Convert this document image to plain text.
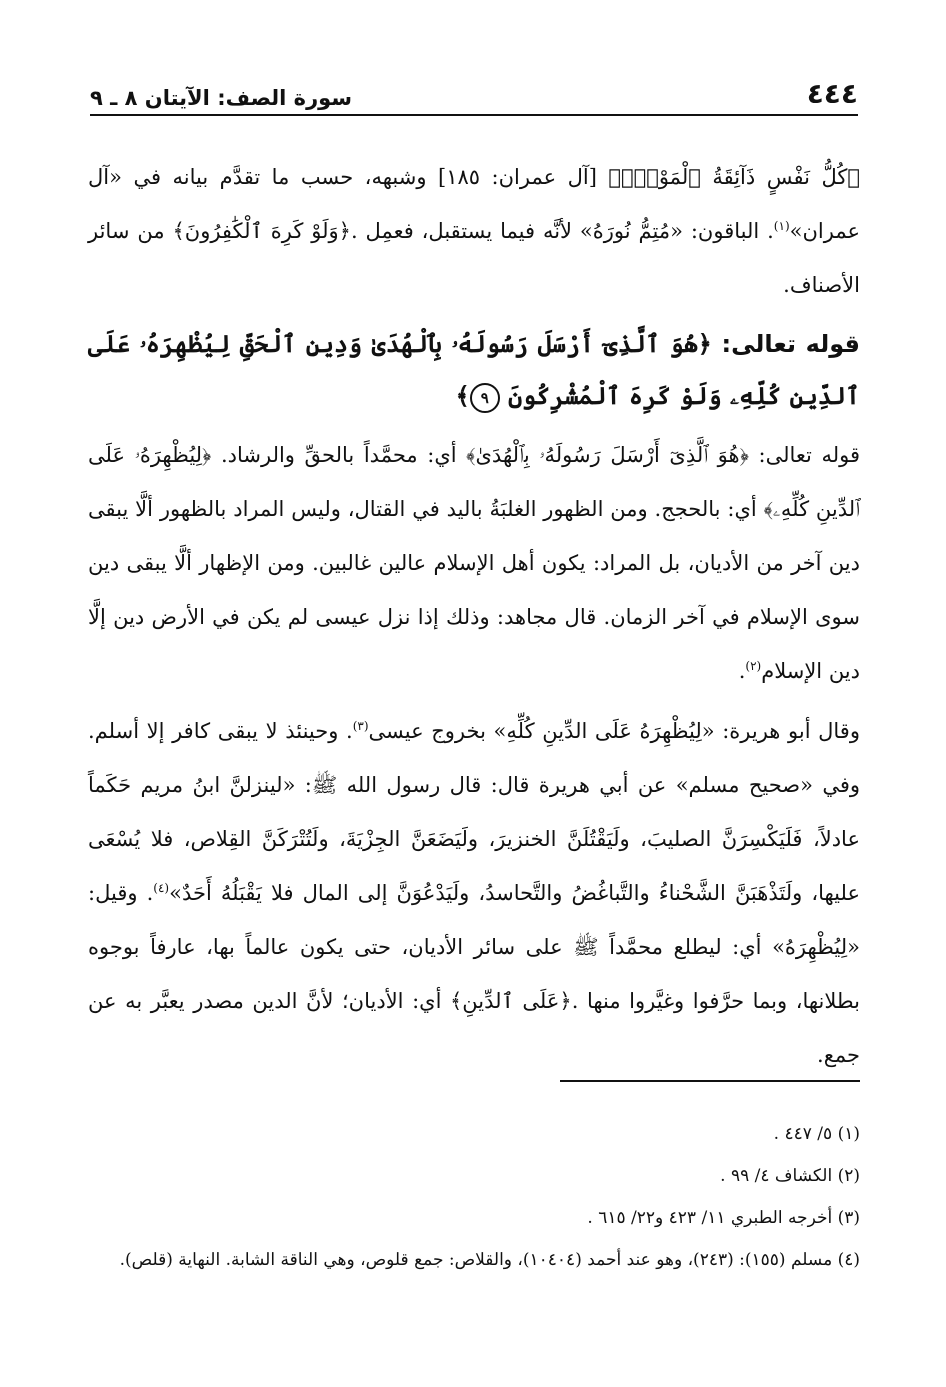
٤٤٤
سورة الصف: الآيتان ٨ ـ ٩

﴿كُلُّ نَفْسٍ ذَآئِقَةُ ٱلْمَوْتِۗ﴾ [آل عمران: ١٨٥] وشبهه، حسب ما تقدَّم بيانه في «آل عمران»$^{(١)}$. الباقون: «مُتِمُّ نُورَهُ» لأنَّه فيما يستقبل، فعمِل .﴿وَلَوْ كَرِهَ ٱلْكَٰفِرُونَ﴾ من سائر الأصناف.

قوله تعالى: ﴿هُوَ ٱلَّذِىٓ أَرْسَلَ رَسُولَهُۥ بِٱلْهُدَىٰ وَدِينِ ٱلْحَقِّ لِيُظْهِرَهُۥ عَلَى ٱلدِّينِ كُلِّهِۦ وَلَوْ كَرِهَ ٱلْمُشْرِكُونَ ٩﴾

قوله تعالى: ﴿هُوَ ٱلَّذِىٓ أَرْسَلَ رَسُولَهُۥ بِٱلْهُدَىٰ﴾ أي: محمَّداً بالحقِّ والرشاد. ﴿لِيُظْهِرَهُۥ عَلَى ٱلدِّينِ كُلِّهِۦ﴾ أي: بالحجج. ومن الظهور الغلبَةُ باليد في القتال، وليس المراد بالظهور ألَّا يبقى دين آخر من الأديان، بل المراد: يكون أهل الإسلام عالين غالبين. ومن الإظهار ألَّا يبقى دين سوى الإسلام في آخر الزمان. قال مجاهد: وذلك إذا نزل عيسى لم يكن في الأرض دين إلَّا دين الإسلام$^{(٢)}$.

وقال أبو هريرة: «لِيُظْهِرَهُ عَلَى الدِّينِ كُلِّهِ» بخروج عيسى$^{(٣)}$. وحينئذ لا يبقى كافر إلا أسلم. وفي «صحيح مسلم» عن أبي هريرة قال: قال رسول الله ﷺ: «لينزلنَّ ابنُ مريم حَكَماً عادلاً، فَلَيَكْسِرَنَّ الصليبَ، ولَيَقْتُلَنَّ الخنزيرَ، ولَيَضَعَنَّ الجِزْيَةَ، ولَتُتْرَكَنَّ القِلاص، فلا يُسْعَى عليها، ولَتَذْهَبَنَّ الشَّحْناءُ والتَّباغُضُ والتَّحاسدُ، ولَيَدْعُوَنَّ إلى المال فلا يَقْبَلُهُ أَحَدٌ»$^{(٤)}$. وقيل: «لِيُظْهِرَهُ» أي: ليطلع محمَّداً ﷺ على سائر الأديان، حتى يكون عالماً بها، عارفاً بوجوه بطلانها، وبما حرَّفوا وغيَّروا منها .﴿عَلَى ٱلدِّينِ﴾ أي: الأديان؛ لأنَّ الدين مصدر يعبَّر به عن جمع.

(١) ٥/ ٤٤٧ .

(٢) الكشاف ٤/ ٩٩ .

(٣) أخرجه الطبري ١١/ ٤٢٣ و٢٢/ ٦١٥ .

(٤) مسلم (١٥٥): (٢٤٣)، وهو عند أحمد (١٠٤٠٤)، والقلاص: جمع قلوص، وهي الناقة الشابة. النهاية (قلص).
